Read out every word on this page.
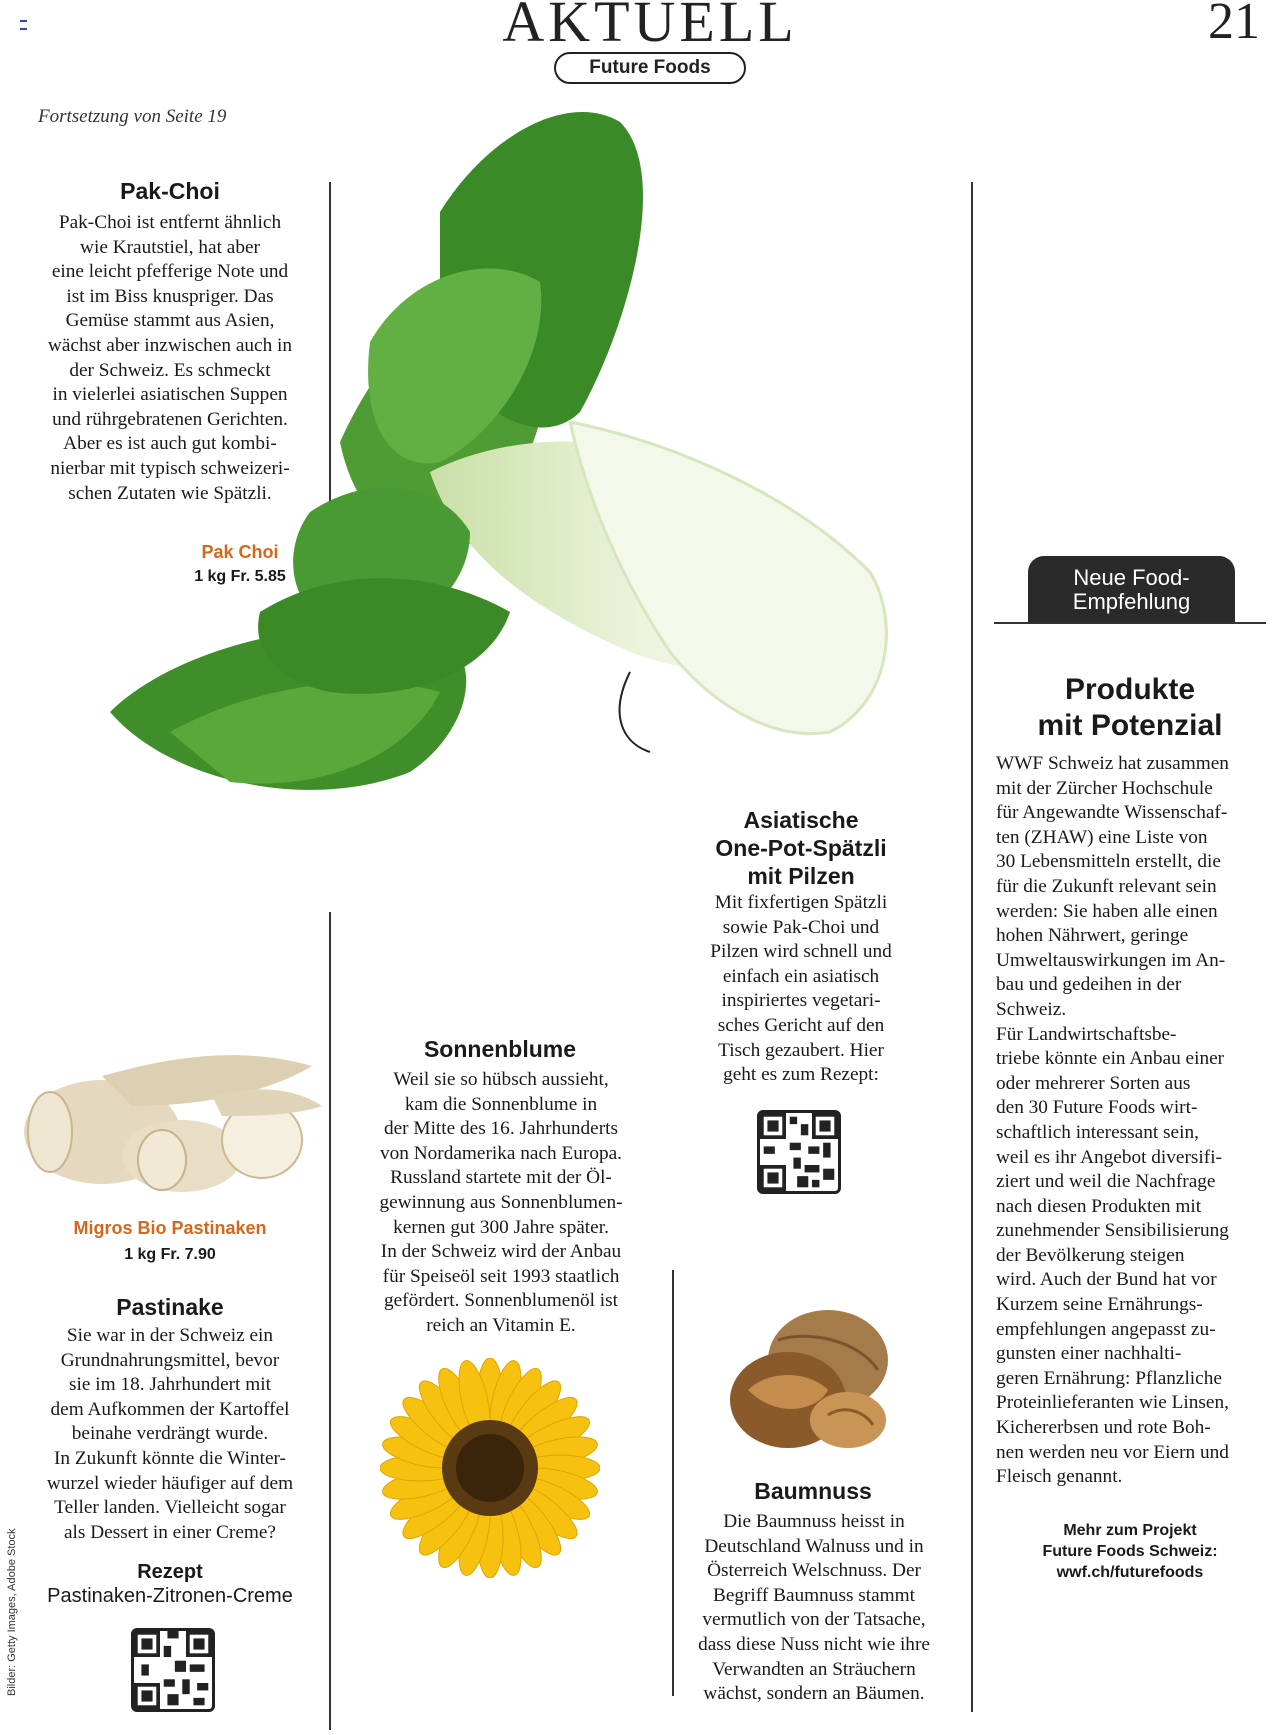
AKTUELL	21
Future Foods
Fortsetzung von Seite 19
Pak-Choi
Pak-Choi ist entfernt ähnlich
wie Krautstiel, hat aber
eine leicht pfefferige Note und
ist im Biss knuspriger. Das
Gemüse stammt aus Asien,
wächst aber inzwischen auch in
der Schweiz. Es schmeckt
in vielerlei asiatischen Suppen
und rührgebratenen Gerichten.
Aber es ist auch gut kombi-
nierbar mit typisch schweizeri-
schen Zutaten wie Spätzli.
Pak Choi
1 kg Fr. 5.85
Asiatische
One-Pot-Spätzli
mit Pilzen
Mit fixfertigen Spätzli
sowie Pak-Choi und
Pilzen wird schnell und
einfach ein asiatisch
inspiriertes vegetari-
sches Gericht auf den
Tisch gezaubert. Hier
geht es zum Rezept:
Neue Food-
Empfehlung
Produkte
mit Potenzial
WWF Schweiz hat zusammen
mit der Zürcher Hochschule
für Angewandte Wissenschaf-
ten (ZHAW) eine Liste von
30 Lebensmitteln erstellt, die
für die Zukunft relevant sein
werden: Sie haben alle einen
hohen Nährwert, geringe
Umweltauswirkungen im An-
bau und gedeihen in der
Schweiz.
Für Landwirtschaftsbe-
triebe könnte ein Anbau einer
oder mehrerer Sorten aus
den 30 Future Foods wirt-
schaftlich interessant sein,
weil es ihr Angebot diversifi-
ziert und weil die Nachfrage
nach diesen Produkten mit
zunehmender Sensibilisierung
der Bevölkerung steigen
wird. Auch der Bund hat vor
Kurzem seine Ernährungs-
empfehlungen angepasst zu-
gunsten einer nachhalti-
geren Ernährung: Pflanzliche
Proteinlieferanten wie Linsen,
Kichererbsen und rote Boh-
nen werden neu vor Eiern und
Fleisch genannt.
Mehr zum Projekt
Future Foods Schweiz:
wwf.ch/futurefoods
Migros Bio Pastinaken
1 kg Fr. 7.90
Pastinake
Sie war in der Schweiz ein
Grundnahrungsmittel, bevor
sie im 18. Jahrhundert mit
dem Aufkommen der Kartoffel
beinahe verdrängt wurde.
In Zukunft könnte die Winter-
wurzel wieder häufiger auf dem
Teller landen. Vielleicht sogar
als Dessert in einer Creme?
Rezept
Pastinaken-Zitronen-Creme
Sonnenblume
Weil sie so hübsch aussieht,
kam die Sonnenblume in
der Mitte des 16. Jahrhunderts
von Nordamerika nach Europa.
Russland startete mit der Öl-
gewinnung aus Sonnenblumen-
kernen gut 300 Jahre später.
In der Schweiz wird der Anbau
für Speiseöl seit 1993 staatlich
gefördert. Sonnenblumenöl ist
reich an Vitamin E.
Baumnuss
Die Baumnuss heisst in
Deutschland Walnuss und in
Österreich Welschnuss. Der
Begriff Baumnuss stammt
vermutlich von der Tatsache,
dass diese Nuss nicht wie ihre
Verwandten an Sträuchern
wächst, sondern an Bäumen.
Bilder: Getty Images, Adobe Stock
